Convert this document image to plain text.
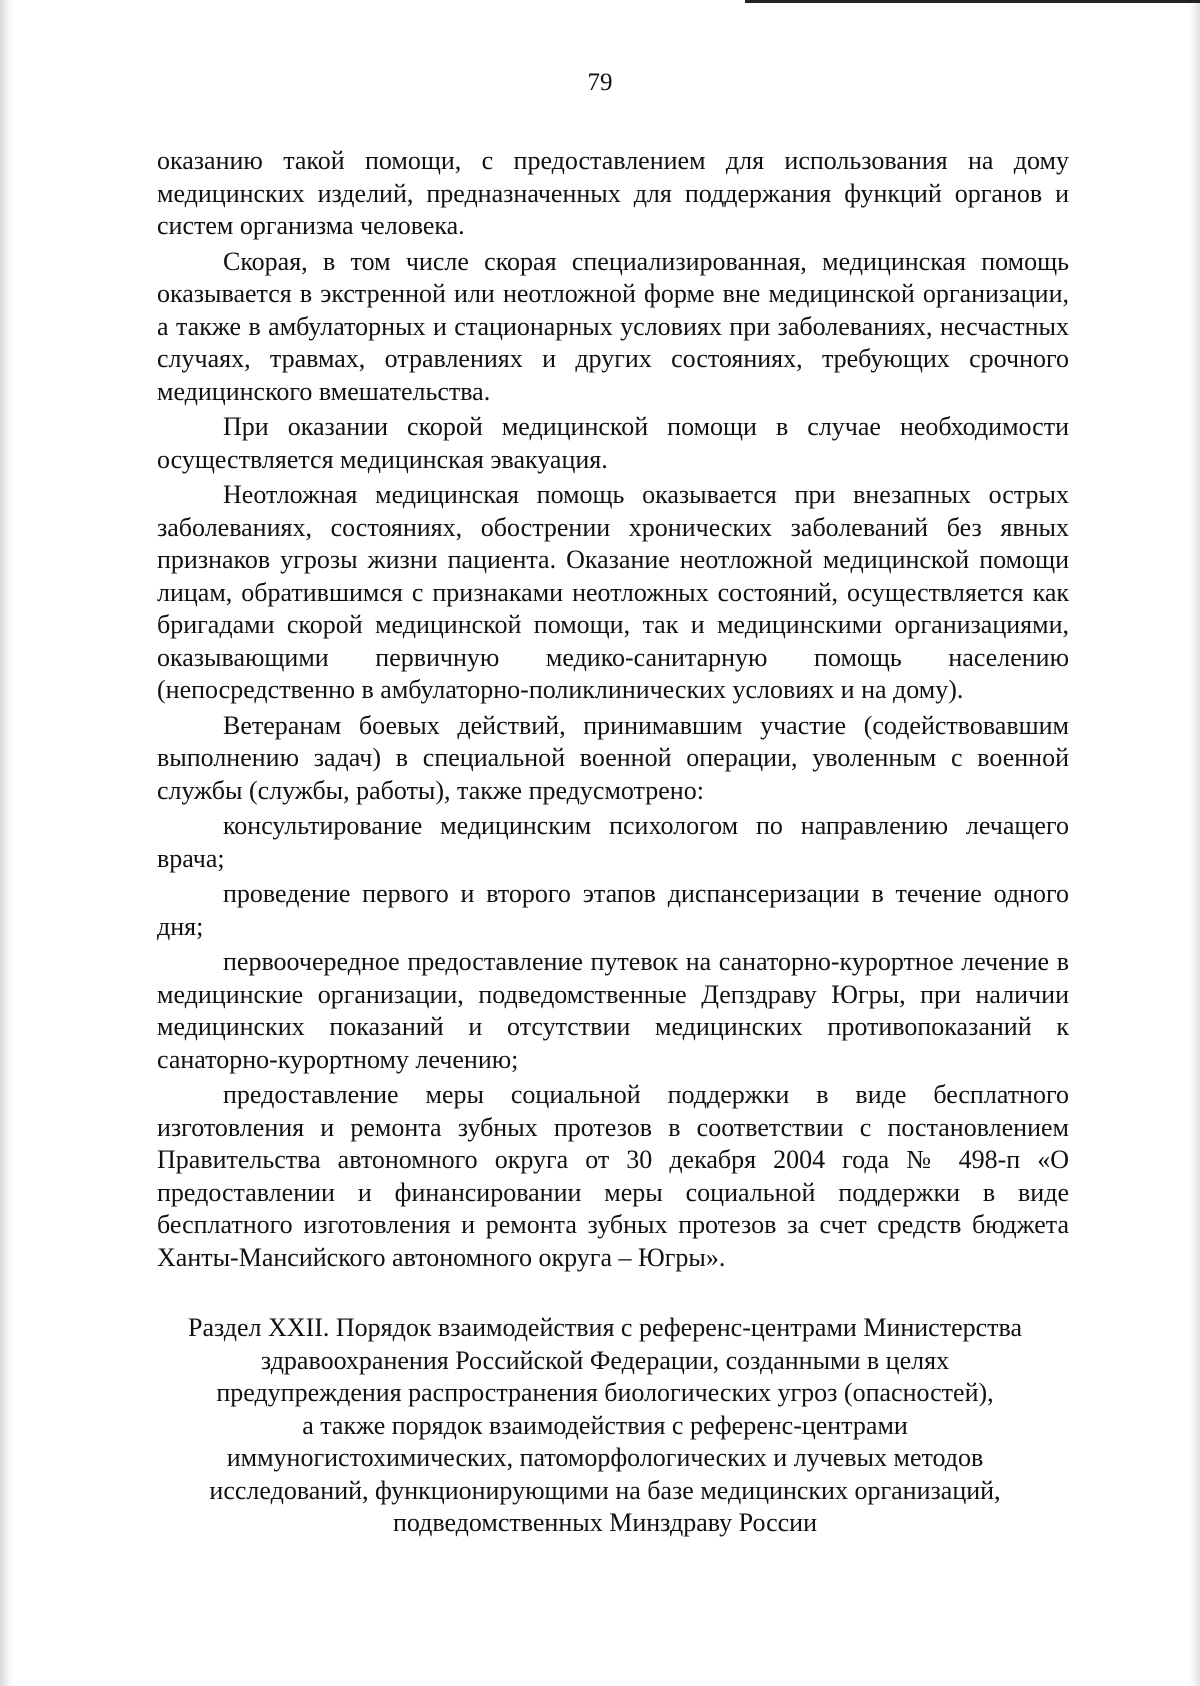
79

оказанию такой помощи, с предоставлением для использования на дому медицинских изделий, предназначенных для поддержания функций органов и систем организма человека.

Скорая, в том числе скорая специализированная, медицинская помощь оказывается в экстренной или неотложной форме вне медицинской организации, а также в амбулаторных и стационарных условиях при заболеваниях, несчастных случаях, травмах, отравлениях и других состояниях, требующих срочного медицинского вмешательства.

При оказании скорой медицинской помощи в случае необходимости осуществляется медицинская эвакуация.

Неотложная медицинская помощь оказывается при внезапных острых заболеваниях, состояниях, обострении хронических заболеваний без явных признаков угрозы жизни пациента. Оказание неотложной медицинской помощи лицам, обратившимся с признаками неотложных состояний, осуществляется как бригадами скорой медицинской помощи, так и медицинскими организациями, оказывающими первичную медико-санитарную помощь населению (непосредственно в амбулаторно-поликлинических условиях и на дому).

Ветеранам боевых действий, принимавшим участие (содействовавшим выполнению задач) в специальной военной операции, уволенным с военной службы (службы, работы), также предусмотрено:

консультирование медицинским психологом по направлению лечащего врача;

проведение первого и второго этапов диспансеризации в течение одного дня;

первоочередное предоставление путевок на санаторно-курортное лечение в медицинские организации, подведомственные Депздраву Югры, при наличии медицинских показаний и отсутствии медицинских противопоказаний к санаторно-курортному лечению;

предоставление меры социальной поддержки в виде бесплатного изготовления и ремонта зубных протезов в соответствии с постановлением Правительства автономного округа от 30 декабря 2004 года № 498-п «О предоставлении и финансировании меры социальной поддержки в виде бесплатного изготовления и ремонта зубных протезов за счет средств бюджета Ханты-Мансийского автономного округа – Югры».

Раздел XXII. Порядок взаимодействия с референс-центрами Министерства
здравоохранения Российской Федерации, созданными в целях
предупреждения распространения биологических угроз (опасностей),
а также порядок взаимодействия с референс-центрами
иммуногистохимических, патоморфологических и лучевых методов
исследований, функционирующими на базе медицинских организаций,
подведомственных Минздраву России
